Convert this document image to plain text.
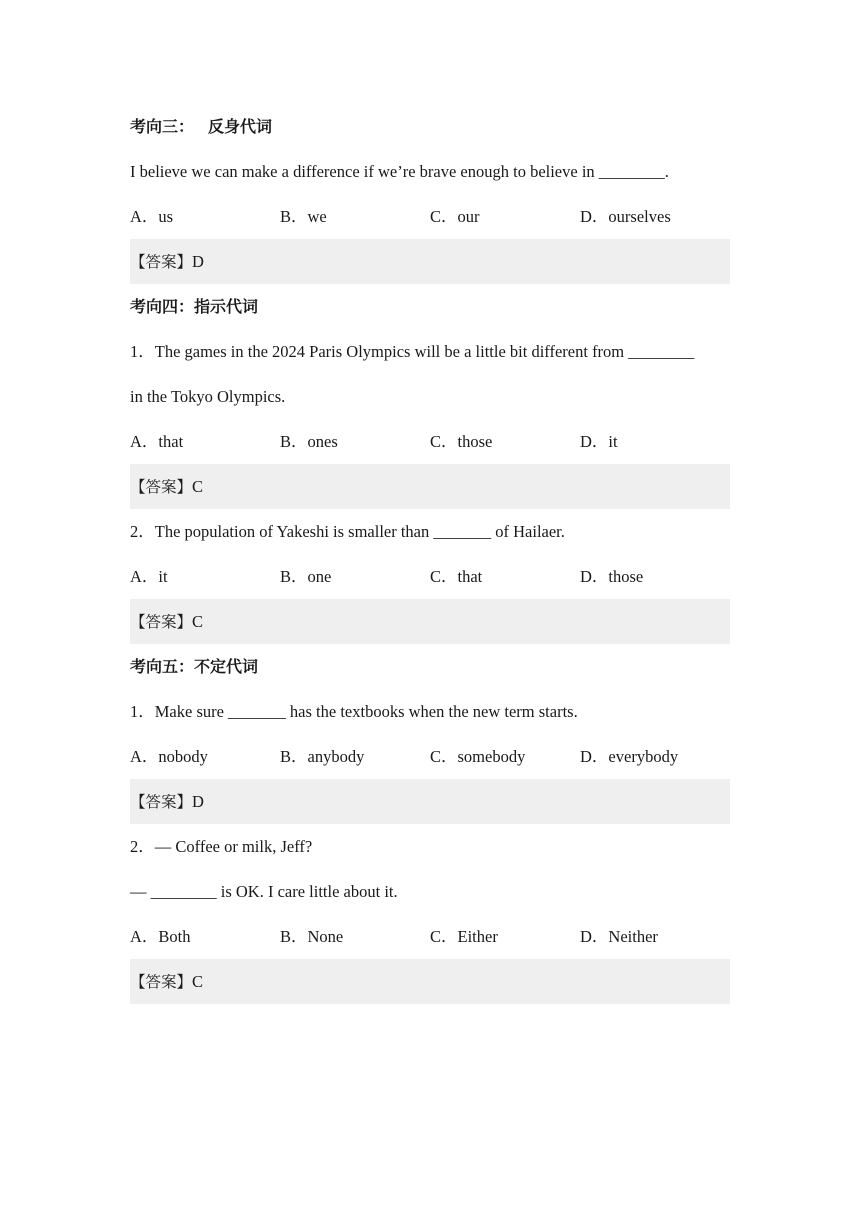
考向三： 反身代词
I believe we can make a difference if we’re brave enough to believe in ________.
A．us	B．we	C．our	D．ourselves
【答案】D
考向四：指示代词
1．The games in the 2024 Paris Olympics will be a little bit different from ________
in the Tokyo Olympics.
A．that	B．ones	C．those	D．it
【答案】C
2．The population of Yakeshi is smaller than _______ of Hailaer.
A．it	B．one	C．that	D．those
【答案】C
考向五：不定代词
1．Make sure _______ has the textbooks when the new term starts.
A．nobody	B．anybody	C．somebody	D．everybody
【答案】D
2．— Coffee or milk, Jeff?
— ________ is OK. I care little about it.
A．Both	B．None	C．Either	D．Neither
【答案】C
